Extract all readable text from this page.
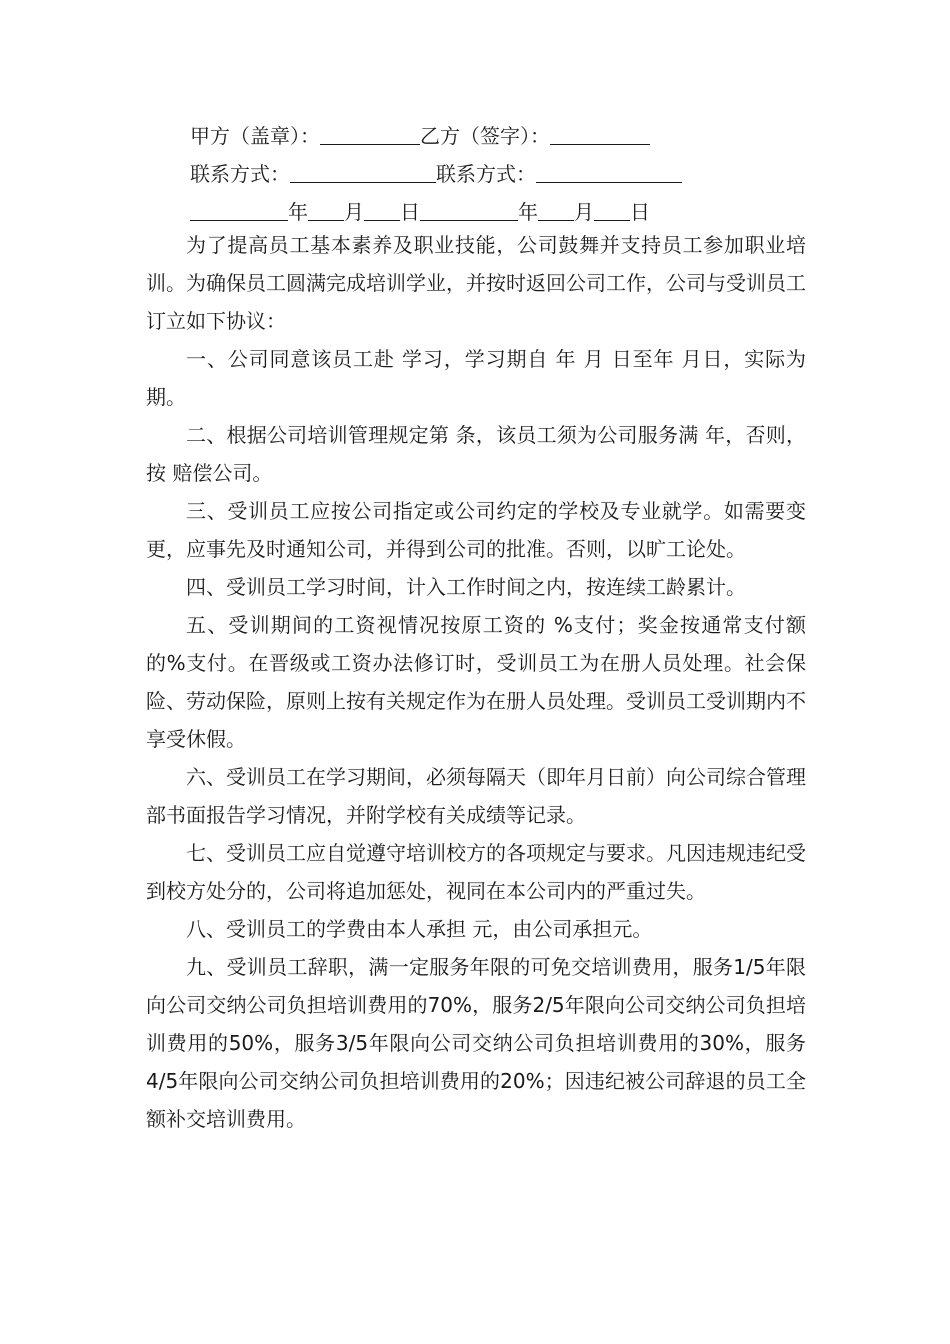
甲方（盖章）：	乙方（签字）：
联系方式：	联系方式：
年 月 日	年 月 日

为了提高员工基本素养及职业技能，公司鼓舞并支持员工参加职业培训。为确保员工圆满完成培训学业，并按时返回公司工作，公司与受训员工订立如下协议：

一、公司同意该员工赴 学习，学习期自 年 月 日至年 月日，实际为期。

二、根据公司培训管理规定第 条，该员工须为公司服务满 年，否则，按 赔偿公司。

三、受训员工应按公司指定或公司约定的学校及专业就学。如需要变更，应事先及时通知公司，并得到公司的批准。否则，以旷工论处。

四、受训员工学习时间，计入工作时间之内，按连续工龄累计。

五、受训期间的工资视情况按原工资的 %支付；奖金按通常支付额的%支付。在晋级或工资办法修订时，受训员工为在册人员处理。社会保险、劳动保险，原则上按有关规定作为在册人员处理。受训员工受训期内不享受休假。

六、受训员工在学习期间，必须每隔天（即年月日前）向公司综合管理部书面报告学习情况，并附学校有关成绩等记录。

七、受训员工应自觉遵守培训校方的各项规定与要求。凡因违规违纪受到校方处分的，公司将追加惩处，视同在本公司内的严重过失。

八、受训员工的学费由本人承担 元，由公司承担元。

九、受训员工辞职，满一定服务年限的可免交培训费用，服务1/5年限向公司交纳公司负担培训费用的70%，服务2/5年限向公司交纳公司负担培训费用的50%，服务3/5年限向公司交纳公司负担培训费用的30%，服务4/5年限向公司交纳公司负担培训费用的20%；因违纪被公司辞退的员工全额补交培训费用。
